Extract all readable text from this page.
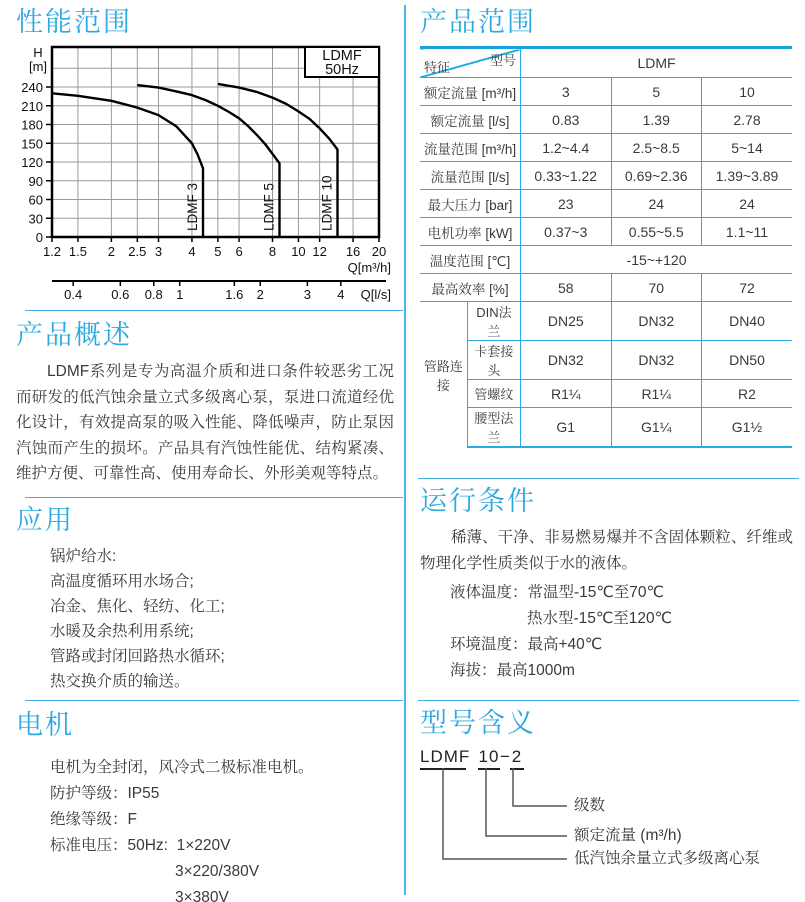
性能范围
LDMF 3	LDMF 5	LDMF 10
0
30
60
90
120
150
180
210
240
1.2 1.5 2 2.5 3 4 5 6 8 10 12 16 20
H
[m]
Q[m³/h]
LDMF
50Hz
0.4 0.6 0.8 1	1.6 2	3 4 Q[l/s]
产品概述

LDMF系列是专为高温介质和进口条件较恶劣工况而研发的低汽蚀余量立式多级离心泵，泵进口流道经优化设计，有效提高泵的吸入性能、降低噪声，防止泵因汽蚀而产生的损坏。产品具有汽蚀性能优、结构紧凑、维护方便、可靠性高、使用寿命长、外形美观等特点。

应用
锅炉给水:
高温度循环用水场合;
冶金、焦化、轻纺、化工;
水暖及余热利用系统;
管路或封闭回路热水循环;
热交换介质的输送。
电机
电机为全封闭，风冷式二极标准电机。
防护等级：IP55
绝缘等级：F
标准电压：50Hz:  1×220V
3×220/380V
3×380V
产品范围
型号
特征		LDMF		
额定流量 [m³/h]		3	5	10
额定流量 [l/s]		0.83	1.39	2.78
流量范围 [m³/h]		1.2~4.4	2.5~8.5	5~14
流量范围 [l/s]		0.33~1.22	0.69~2.36	1.39~3.89
最大压力 [bar]		23	24	24
电机功率 [kW]		0.37~3	0.55~5.5	1.1~11
温度范围 [℃]		-15~+120		
最高效率 [%]		58	70	72
管路连接	DIN法兰	DN25	DN32	DN40
	卡套接头	DN32	DN32	DN50
	管螺纹	R1¼	R1¼	R2
	腰型法兰	G1	G1¼	G1½
运行条件

稀薄、干净、非易燃易爆并不含固体颗粒、纤维或物理化学性质类似于水的液体。

液体温度：常温型-15℃至70℃
热水型-15℃至120℃
环境温度：最高+40℃
海拔：最高1000m
型号含义
LDMF 10−2
级数
额定流量 (m³/h)
低汽蚀余量立式多级离心泵
